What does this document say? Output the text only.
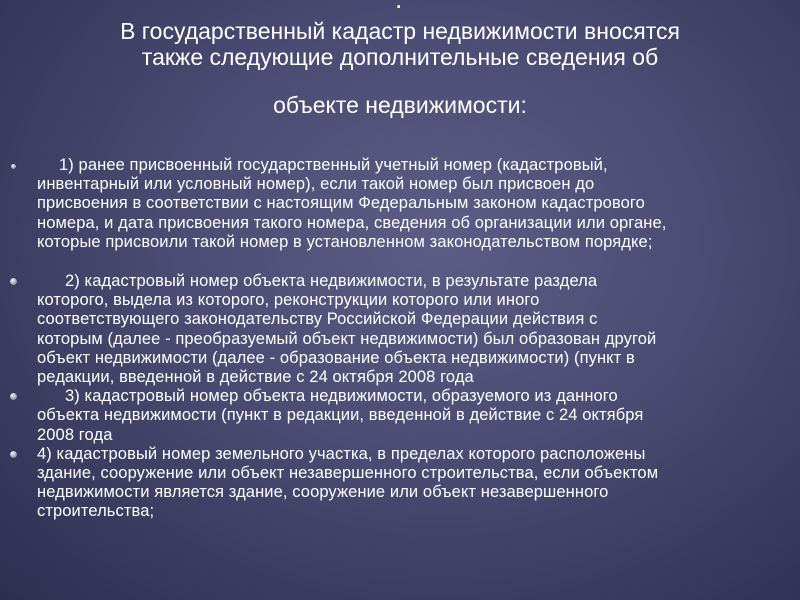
В государственный кадастр недвижимости вносятся
также следующие дополнительные сведения об
объекте недвижимости:
1) ранее присвоенный государственный учетный номер (кадастровый,
инвентарный или условный номер), если такой номер был присвоен до
присвоения в соответствии с настоящим Федеральным законом кадастрового
номера, и дата присвоения такого номера, сведения об организации или органе,
которые присвоили такой номер в установленном законодательством порядке;
2) кадастровый номер объекта недвижимости, в результате раздела
которого, выдела из которого, реконструкции которого или иного
соответствующего законодательству Российской Федерации действия с
которым (далее - преобразуемый объект недвижимости) был образован другой
объект недвижимости (далее - образование объекта недвижимости) (пункт в
редакции, введенной в действие с 24 октября 2008 года
3) кадастровый номер объекта недвижимости, образуемого из данного
объекта недвижимости (пункт в редакции, введенной в действие с 24 октября
2008 года
4) кадастровый номер земельного участка, в пределах которого расположены
здание, сооружение или объект незавершенного строительства, если объектом
недвижимости является здание, сооружение или объект незавершенного
строительства;
